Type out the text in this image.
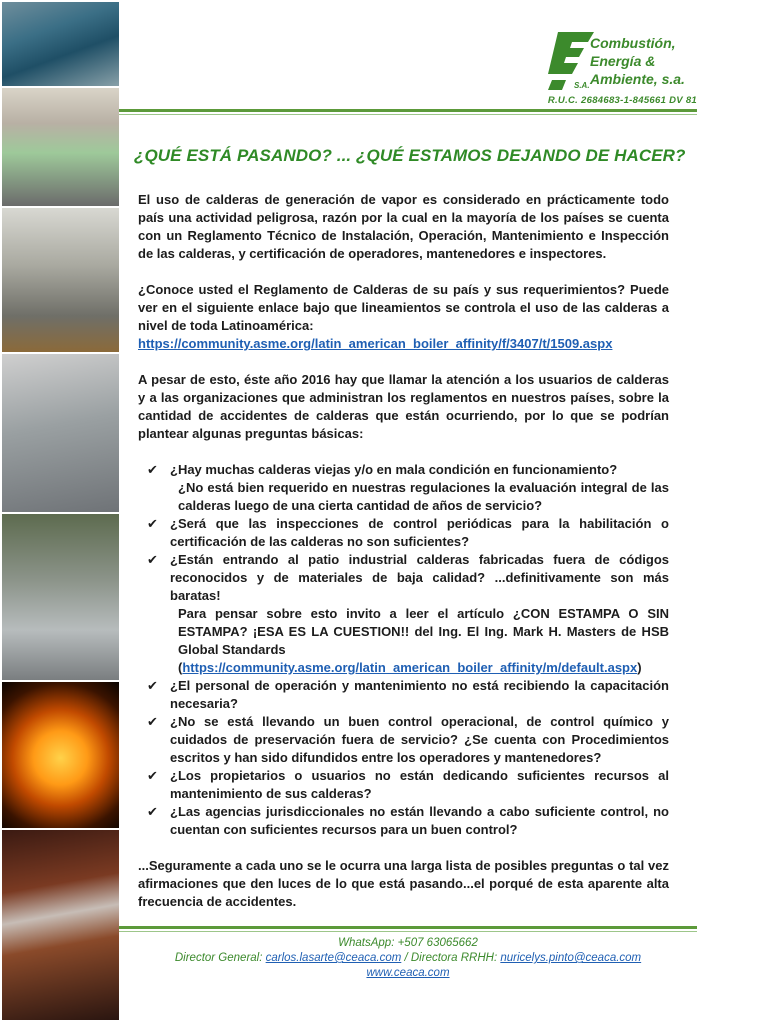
S.A.
Combustión,
Energía &
Ambiente, s.a.
R.U.C. 2684683-1-845661 DV 81
¿QUÉ ESTÁ PASANDO? ... ¿QUÉ ESTAMOS DEJANDO DE HACER?

El uso de calderas de generación de vapor es considerado en prácticamente todo país una actividad peligrosa, razón por la cual en la mayoría de los países se cuenta con un Reglamento Técnico de Instalación, Operación, Mantenimiento e Inspección de las calderas, y certificación de operadores, mantenedores e inspectores.

¿Conoce usted el Reglamento de Calderas de su país y sus requerimientos? Puede ver en el siguiente enlace bajo que lineamientos se controla el uso de las calderas a nivel de toda Latinoamérica:
https://community.asme.org/latin_american_boiler_affinity/f/3407/t/1509.aspx

A pesar de esto, éste año 2016 hay que llamar la atención a los usuarios de calderas y a las organizaciones que administran los reglamentos en nuestros países, sobre la cantidad de accidentes de calderas que están ocurriendo, por lo que se podrían plantear algunas preguntas básicas:

✔ ¿Hay muchas calderas viejas y/o en mala condición en funcionamiento?
¿No está bien requerido en nuestras regulaciones la evaluación integral de las calderas luego de una cierta cantidad de años de servicio?
✔ ¿Será que las inspecciones de control periódicas para la habilitación o certificación de las calderas no son suficientes?
✔ ¿Están entrando al patio industrial calderas fabricadas fuera de códigos reconocidos y de materiales de baja calidad? ...definitivamente son más baratas!
Para pensar sobre esto invito a leer el artículo ¿CON ESTAMPA O SIN ESTAMPA? ¡ESA ES LA CUESTION!! del Ing. El Ing. Mark H. Masters de HSB Global Standards
(https://community.asme.org/latin_american_boiler_affinity/m/default.aspx)
✔ ¿El personal de operación y mantenimiento no está recibiendo la capacitación necesaria?
✔ ¿No se está llevando un buen control operacional, de control químico y cuidados de preservación fuera de servicio? ¿Se cuenta con Procedimientos escritos y han sido difundidos entre los operadores y mantenedores?
✔ ¿Los propietarios o usuarios no están dedicando suficientes recursos al mantenimiento de sus calderas?
✔ ¿Las agencias jurisdiccionales no están llevando a cabo suficiente control, no cuentan con suficientes recursos para un buen control?

...Seguramente a cada uno se le ocurra una larga lista de posibles preguntas o tal vez afirmaciones que den luces de lo que está pasando...el porqué de esta aparente alta frecuencia de accidentes.

WhatsApp: +507 63065662
Director General: carlos.lasarte@ceaca.com / Directora RRHH: nuricelys.pinto@ceaca.com
www.ceaca.com
